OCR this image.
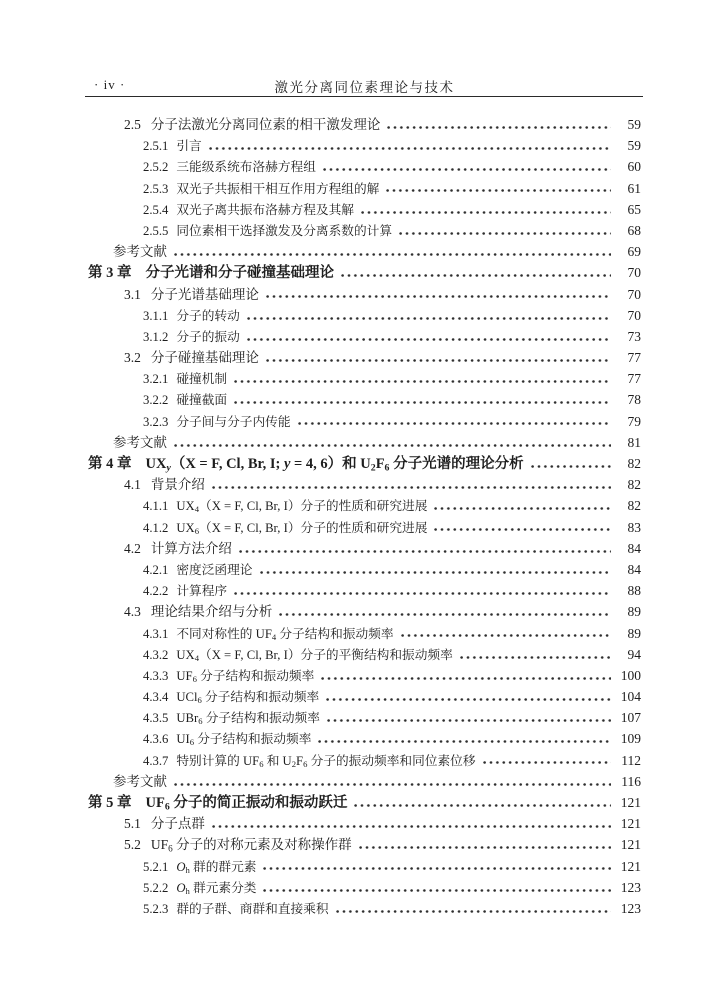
· iv ·	激光分离同位素理论与技术
2.5 分子法激光分离同位素的相干激发理论	59
2.5.1 引言	59
2.5.2 三能级系统布洛赫方程组	60
2.5.3 双光子共振相干相互作用方程组的解	61
2.5.4 双光子离共振布洛赫方程及其解	65
2.5.5 同位素相干选择激发及分离系数的计算	68
参考文献	69
第 3 章 分子光谱和分子碰撞基础理论	70
3.1 分子光谱基础理论	70
3.1.1 分子的转动	70
3.1.2 分子的振动	73
3.2 分子碰撞基础理论	77
3.2.1 碰撞机制	77
3.2.2 碰撞截面	78
3.2.3 分子间与分子内传能	79
参考文献	81
第 4 章 $UX_y(X = F$, Cl, Br, I; y = 4, 6）和 $U_2F_6$ 分子光谱的理论分析	82
4.1 背景介绍	82
4.1.1 $UX_4(X = F$, Cl, Br, I）分子的性质和研究进展	82
4.1.2 $UX_6(X = F$, Cl, Br, I）分子的性质和研究进展	83
4.2 计算方法介绍	84
4.2.1 密度泛函理论	84
4.2.2 计算程序	88
4.3 理论结果介绍与分析	89
4.3.1 不同对称性的 $UF_4$ 分子结构和振动频率	89
4.3.2 $UX_4(X = F$, Cl, Br, I）分子的平衡结构和振动频率	94
4.3.3 $UF_6$ 分子结构和振动频率	100
4.3.4 UCl$_6$ 分子结构和振动频率	104
4.3.5 UBr$_6$ 分子结构和振动频率	107
4.3.6 $UI_6$ 分子结构和振动频率	109
4.3.7 特别计算的 $UF_6$ 和 $U_2F_6$ 分子的振动频率和同位素位移	112
参考文献	116
第 5 章 $UF_6$ 分子的简正振动和振动跃迁	121
5.1 分子点群	121
5.2 $UF_6$ 分子的对称元素及对称操作群	121
5.2.1 $O_h$ 群的群元素	121
5.2.2 $O_h$ 群元素分类	123
5.2.3 群的子群、商群和直接乘积	123
